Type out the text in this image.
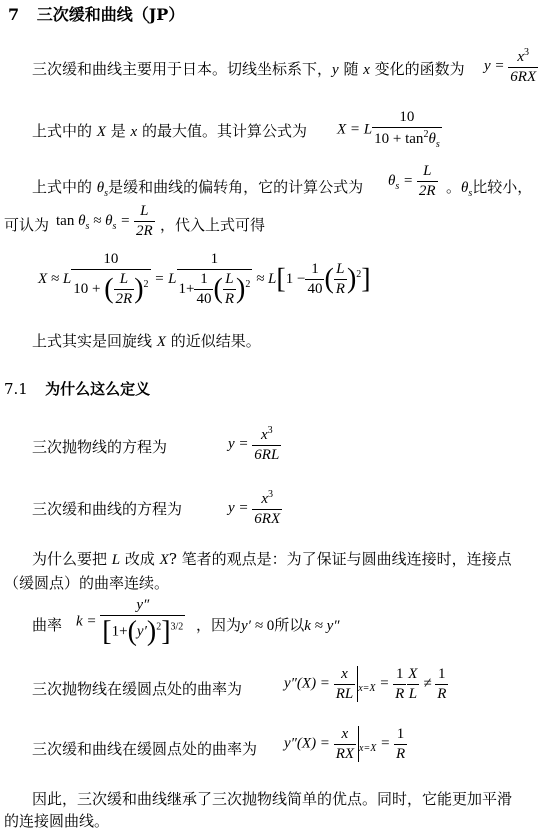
7 三次缓和曲线（JP）
三次缓和曲线主要用于日本。切线坐标系下，y 随 x 变化的函数为 $y = \frac{x^3}{6RX}$
上式中的 X 是 x 的最大值。其计算公式为 X = L $\frac{10}{10 + \tan^2\theta_s}$
上式中的 $\theta_s$是缓和曲线的偏转角，它的计算公式为 $\theta_s = \frac{L}{2R}$ 。$\theta_s$比较小，
可认为 $\tan \theta_s \approx \theta_s = \frac{L}{2R}$ ，代入上式可得
X ≈ L $\frac{10}{10 + ( \frac{L}{2R} )^2} = L \frac{1}{1+ \frac{1}{40} ( \frac{L}{R} )^2} \approx L[1 - \frac{1}{40}$ ( $\frac{L}{R} )^2$]
上式其实是回旋线 X 的近似结果。
7.1 为什么这么定义
三次抛物线的方程为	$y = \frac{x^3}{6RL}$
三次缓和曲线的方程为	$y = \frac{x^3}{6RX}$
为什么要把 L 改成 X? 笔者的观点是：为了保证与圆曲线连接时，连接点
（缓圆点）的曲率连续。
曲率 $k = \frac{y''}{[1+(y')^2]^{3/2}}$ ，因为y′ ≈ 0所以k ≈ y″
三次抛物线在缓圆点处的曲率为	$y''(X) = \frac{x}{RL} _{x=X} = \frac{1}{R} \frac{X}{L} \ne \frac{1}{R}$
三次缓和曲线在缓圆点处的曲率为 $y''(X) = \frac{x}{RX} _{x=X} = \frac{1}{R}$
因此，三次缓和曲线继承了三次抛物线简单的优点。同时，它能更加平滑
的连接圆曲线。
